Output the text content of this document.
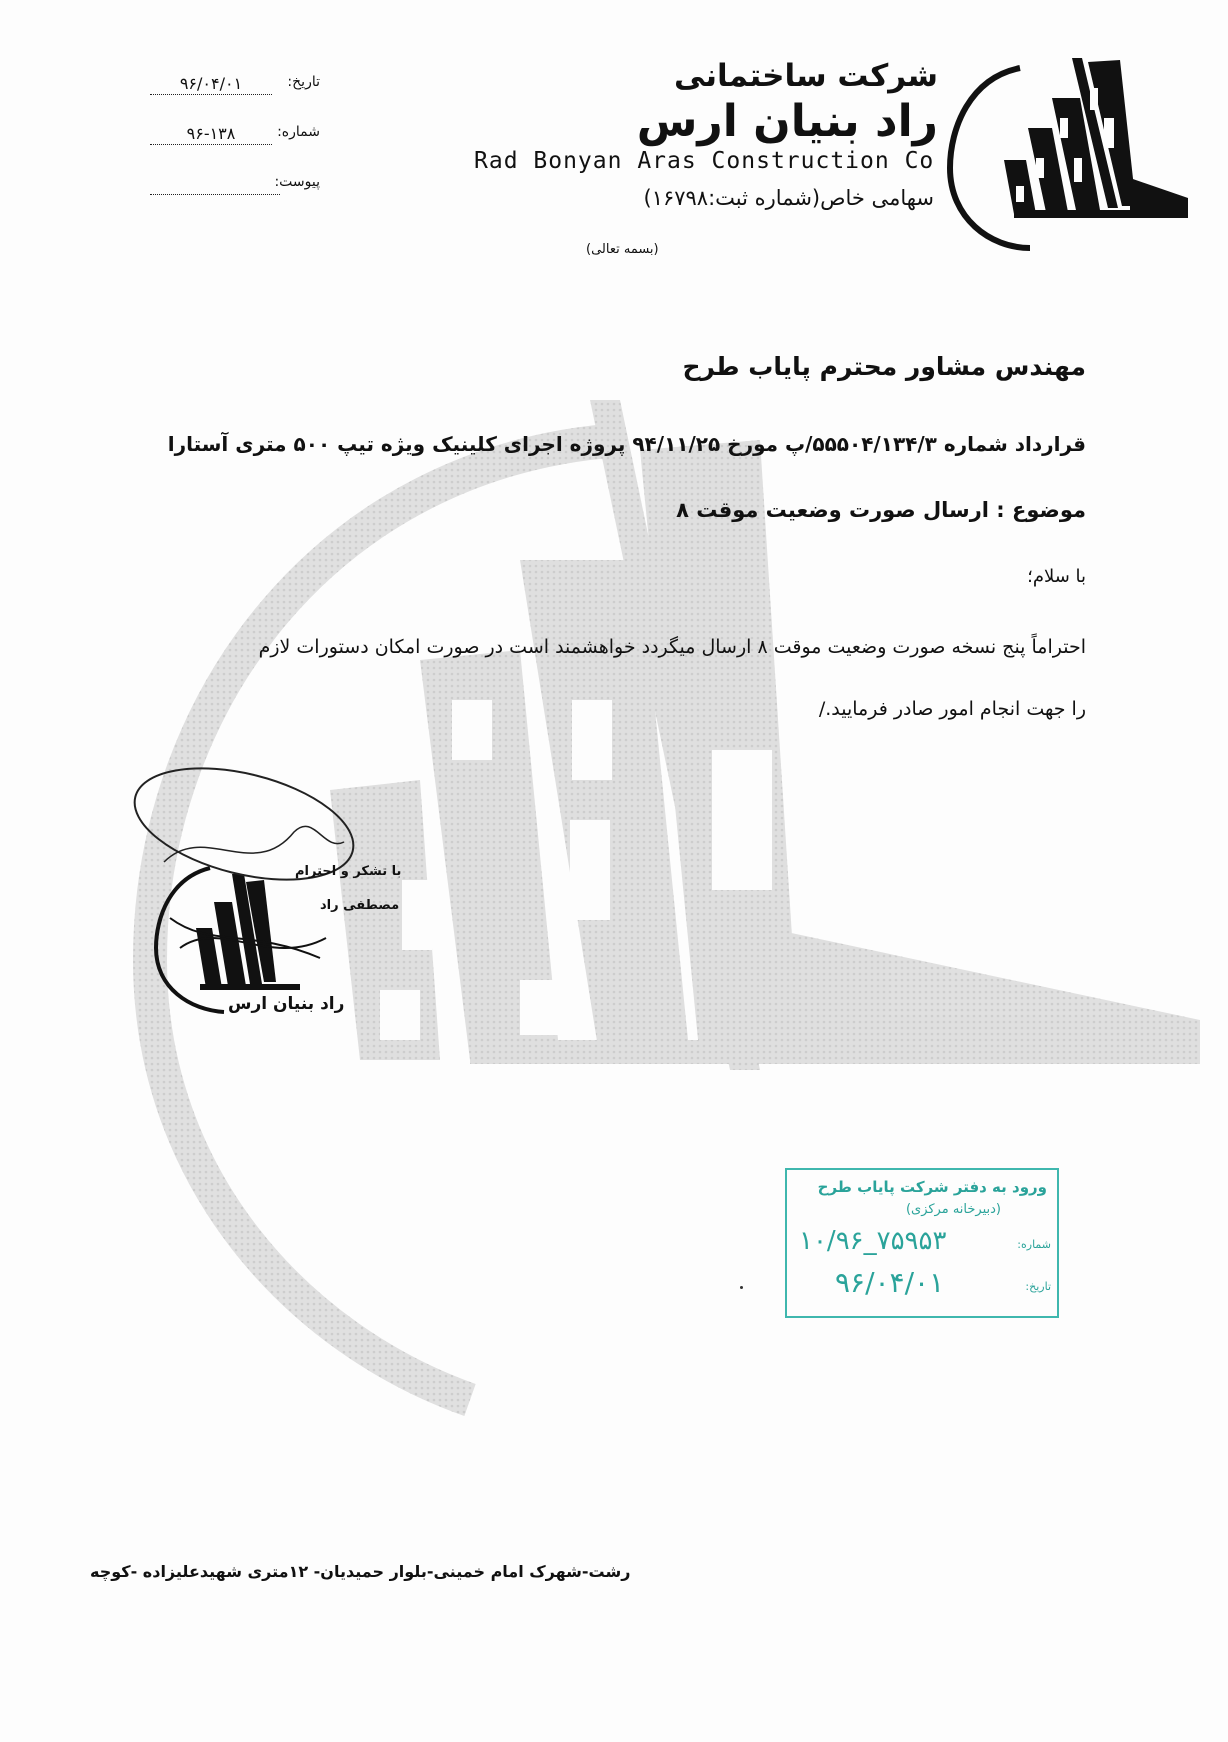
شرکت ساختمانی
راد بنیان ارس
Rad Bonyan Aras Construction Co
سهامی خاص(شماره ثبت:۱۶۷۹۸)
(بسمه تعالی)
تاریخ:
۹۶/۰۴/۰۱
شماره:
۹۶-۱۳۸
پیوست:
مهندس مشاور محترم پایاب طرح
قرارداد شماره ۵۵۵۰۴/۱۳۴/۳/پ مورخ ۹۴/۱۱/۲۵ پروژه اجرای کلینیک ویژه تیپ ۵۰۰ متری آستارا
موضوع : ارسال صورت وضعیت موقت ۸
با سلام؛
احتراماً پنج نسخه صورت وضعیت موقت ۸ ارسال میگردد خواهشمند است در صورت امکان دستورات لازم
را جهت انجام امور صادر فرمایید./
با تشکر و احترام
مصطفی راد
راد بنیان ارس
ورود به دفتر شرکت پایاب طرح
(دبیرخانه مرکزی)
شماره:
۷۵۹۵۳_۱۰/۹۶
تاریخ:
۹۶/۰۴/۰۱
رشت-شهرک امام خمینی-بلوار حمیدیان- ۱۲متری شهیدعلیزاده -کوچه
